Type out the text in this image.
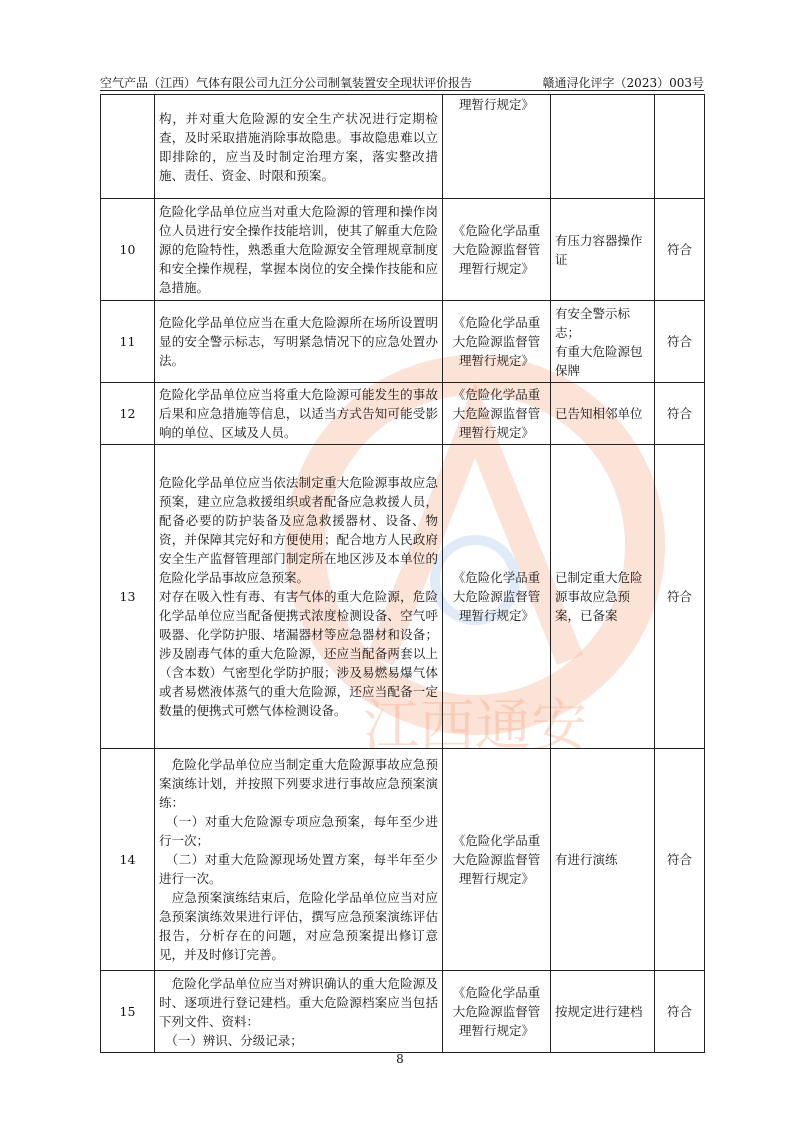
空气产品（江西）气体有限公司九江分公司制氧装置安全现状评价报告	赣通浔化评字（2023）003号
江西通安

	构，并对重大危险源的安全生产状况进行定期检查，及时采取措施消除事故隐患。事故隐患难以立即排除的，应当及时制定治理方案，落实整改措施、责任、资金、时限和预案。	理暂行规定》		
10	危险化学品单位应当对重大危险源的管理和操作岗位人员进行安全操作技能培训，使其了解重大危险源的危险特性，熟悉重大危险源安全管理规章制度和安全操作规程，掌握本岗位的安全操作技能和应急措施。	《危险化学品重大危险源监督管理暂行规定》	有压力容器操作证	符合
11	危险化学品单位应当在重大危险源所在场所设置明显的安全警示标志，写明紧急情况下的应急处置办法。	《危险化学品重大危险源监督管理暂行规定》	有安全警示标志；
有重大危险源包保牌	符合
12	危险化学品单位应当将重大危险源可能发生的事故后果和应急措施等信息，以适当方式告知可能受影响的单位、区域及人员。	《危险化学品重大危险源监督管理暂行规定》	已告知相邻单位	符合
13	危险化学品单位应当依法制定重大危险源事故应急预案，建立应急救援组织或者配备应急救援人员，配备必要的防护装备及应急救援器材、设备、物资，并保障其完好和方便使用；配合地方人民政府安全生产监督管理部门制定所在地区涉及本单位的危险化学品事故应急预案。
对存在吸入性有毒、有害气体的重大危险源，危险化学品单位应当配备便携式浓度检测设备、空气呼吸器、化学防护服、堵漏器材等应急器材和设备；涉及剧毒气体的重大危险源，还应当配备两套以上（含本数）气密型化学防护服；涉及易燃易爆气体或者易燃液体蒸气的重大危险源，还应当配备一定数量的便携式可燃气体检测设备。	《危险化学品重大危险源监督管理暂行规定》	已制定重大危险源事故应急预案，已备案	符合
14	　危险化学品单位应当制定重大危险源事故应急预案演练计划，并按照下列要求进行事故应急预案演练：
　（一）对重大危险源专项应急预案，每年至少进行一次；
　（二）对重大危险源现场处置方案，每半年至少进行一次。
　应急预案演练结束后，危险化学品单位应当对应急预案演练效果进行评估，撰写应急预案演练评估报告，分析存在的问题，对应急预案提出修订意见，并及时修订完善。	《危险化学品重大危险源监督管理暂行规定》	有进行演练	符合
15	　危险化学品单位应当对辨识确认的重大危险源及时、逐项进行登记建档。重大危险源档案应当包括下列文件、资料：
　（一）辨识、分级记录；	《危险化学品重大危险源监督管理暂行规定》	按规定进行建档	符合
8
